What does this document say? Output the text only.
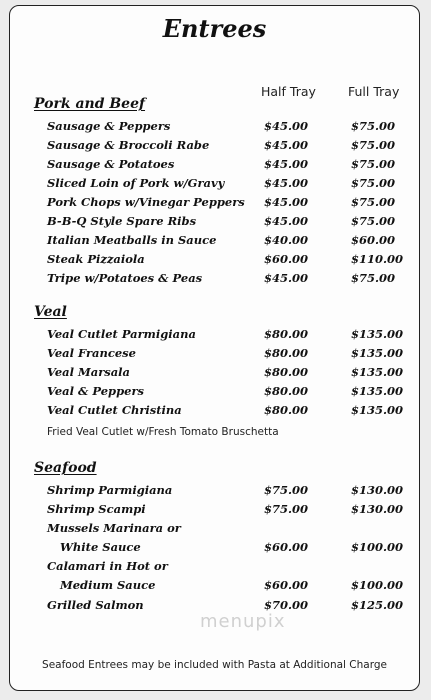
Entrees
Half Tray	Full Tray
Pork and Beef
Sausage & Peppers	$45.00	$75.00
Sausage & Broccoli Rabe	$45.00	$75.00
Sausage & Potatoes	$45.00	$75.00
Sliced Loin of Pork w/Gravy	$45.00	$75.00
Pork Chops w/Vinegar Peppers $45.00	$75.00
B-B-Q Style Spare Ribs	$45.00	$75.00
Italian Meatballs in Sauce	$40.00	$60.00
Steak Pizzaiola	$60.00	$110.00
Tripe w/Potatoes & Peas	$45.00	$75.00
Veal
Veal Cutlet Parmigiana	$80.00	$135.00
Veal Francese	$80.00	$135.00
Veal Marsala	$80.00	$135.00
Veal & Peppers	$80.00	$135.00
Veal Cutlet Christina	$80.00	$135.00
Fried Veal Cutlet w/Fresh Tomato Bruschetta
Seafood
Shrimp Parmigiana	$75.00	$130.00
Shrimp Scampi	$75.00	$130.00
Mussels Marinara or
White Sauce	$60.00	$100.00
Calamari in Hot or
Medium Sauce	$60.00	$100.00
Grilled Salmon	$70.00	$125.00
menupix
Seafood Entrees may be included with Pasta at Additional Charge
